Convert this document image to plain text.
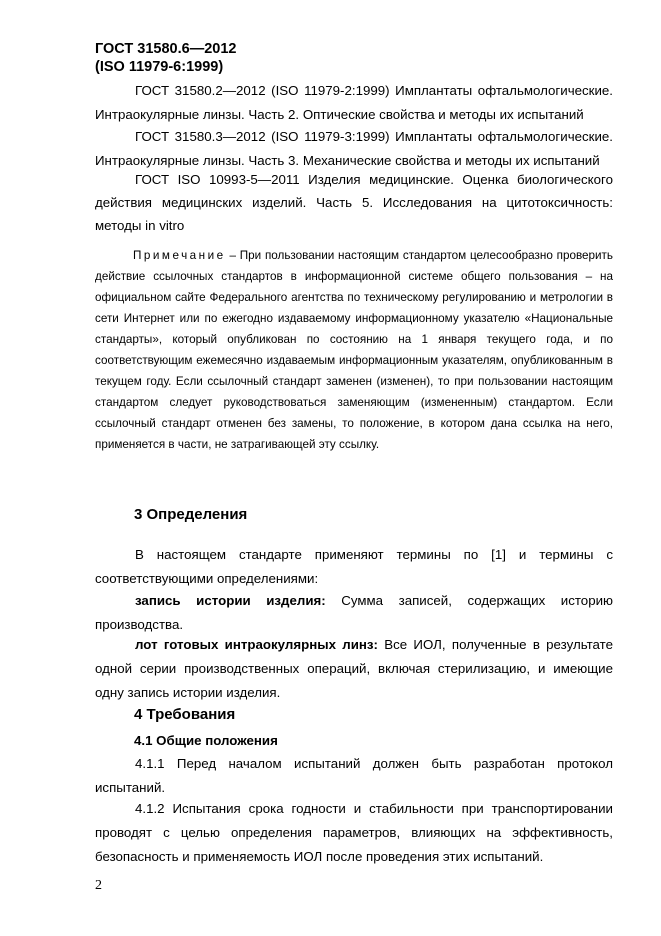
ГОСТ 31580.6—2012
(ISO 11979-6:1999)

ГОСТ 31580.2—2012 (ISO 11979-2:1999) Имплантаты офтальмологические. Интраокулярные линзы. Часть 2. Оптические свойства и методы их испытаний

ГОСТ 31580.3—2012 (ISO 11979-3:1999) Имплантаты офтальмологические. Интраокулярные линзы. Часть 3. Механические свойства и методы их испытаний

ГОСТ ISO 10993-5—2011 Изделия медицинские. Оценка биологического действия медицинских изделий. Часть 5. Исследования на цитотоксичность: методы in vitro

Примечание – При пользовании настоящим стандартом целесообразно проверить действие ссылочных стандартов в информационной системе общего пользования – на официальном сайте Федерального агентства по техническому регулированию и метрологии в сети Интернет или по ежегодно издаваемому информационному указателю «Национальные стандарты», который опубликован по состоянию на 1 января текущего года, и по соответствующим ежемесячно издаваемым информационным указателям, опубликованным в текущем году. Если ссылочный стандарт заменен (изменен), то при пользовании настоящим стандартом следует руководствоваться заменяющим (измененным) стандартом. Если ссылочный стандарт отменен без замены, то положение, в котором дана ссылка на него, применяется в части, не затрагивающей эту ссылку.

3 Определения

В настоящем стандарте применяют термины по [1] и термины с соответствующими определениями:

запись истории изделия: Сумма записей, содержащих историю производства.

лот готовых интраокулярных линз: Все ИОЛ, полученные в результате одной серии производственных операций, включая стерилизацию, и имеющие одну запись истории изделия.

4 Требования
4.1 Общие положения

4.1.1 Перед началом испытаний должен быть разработан протокол испытаний.

4.1.2 Испытания срока годности и стабильности при транспортировании проводят с целью определения параметров, влияющих на эффективность, безопасность и применяемость ИОЛ после проведения этих испытаний.

2
